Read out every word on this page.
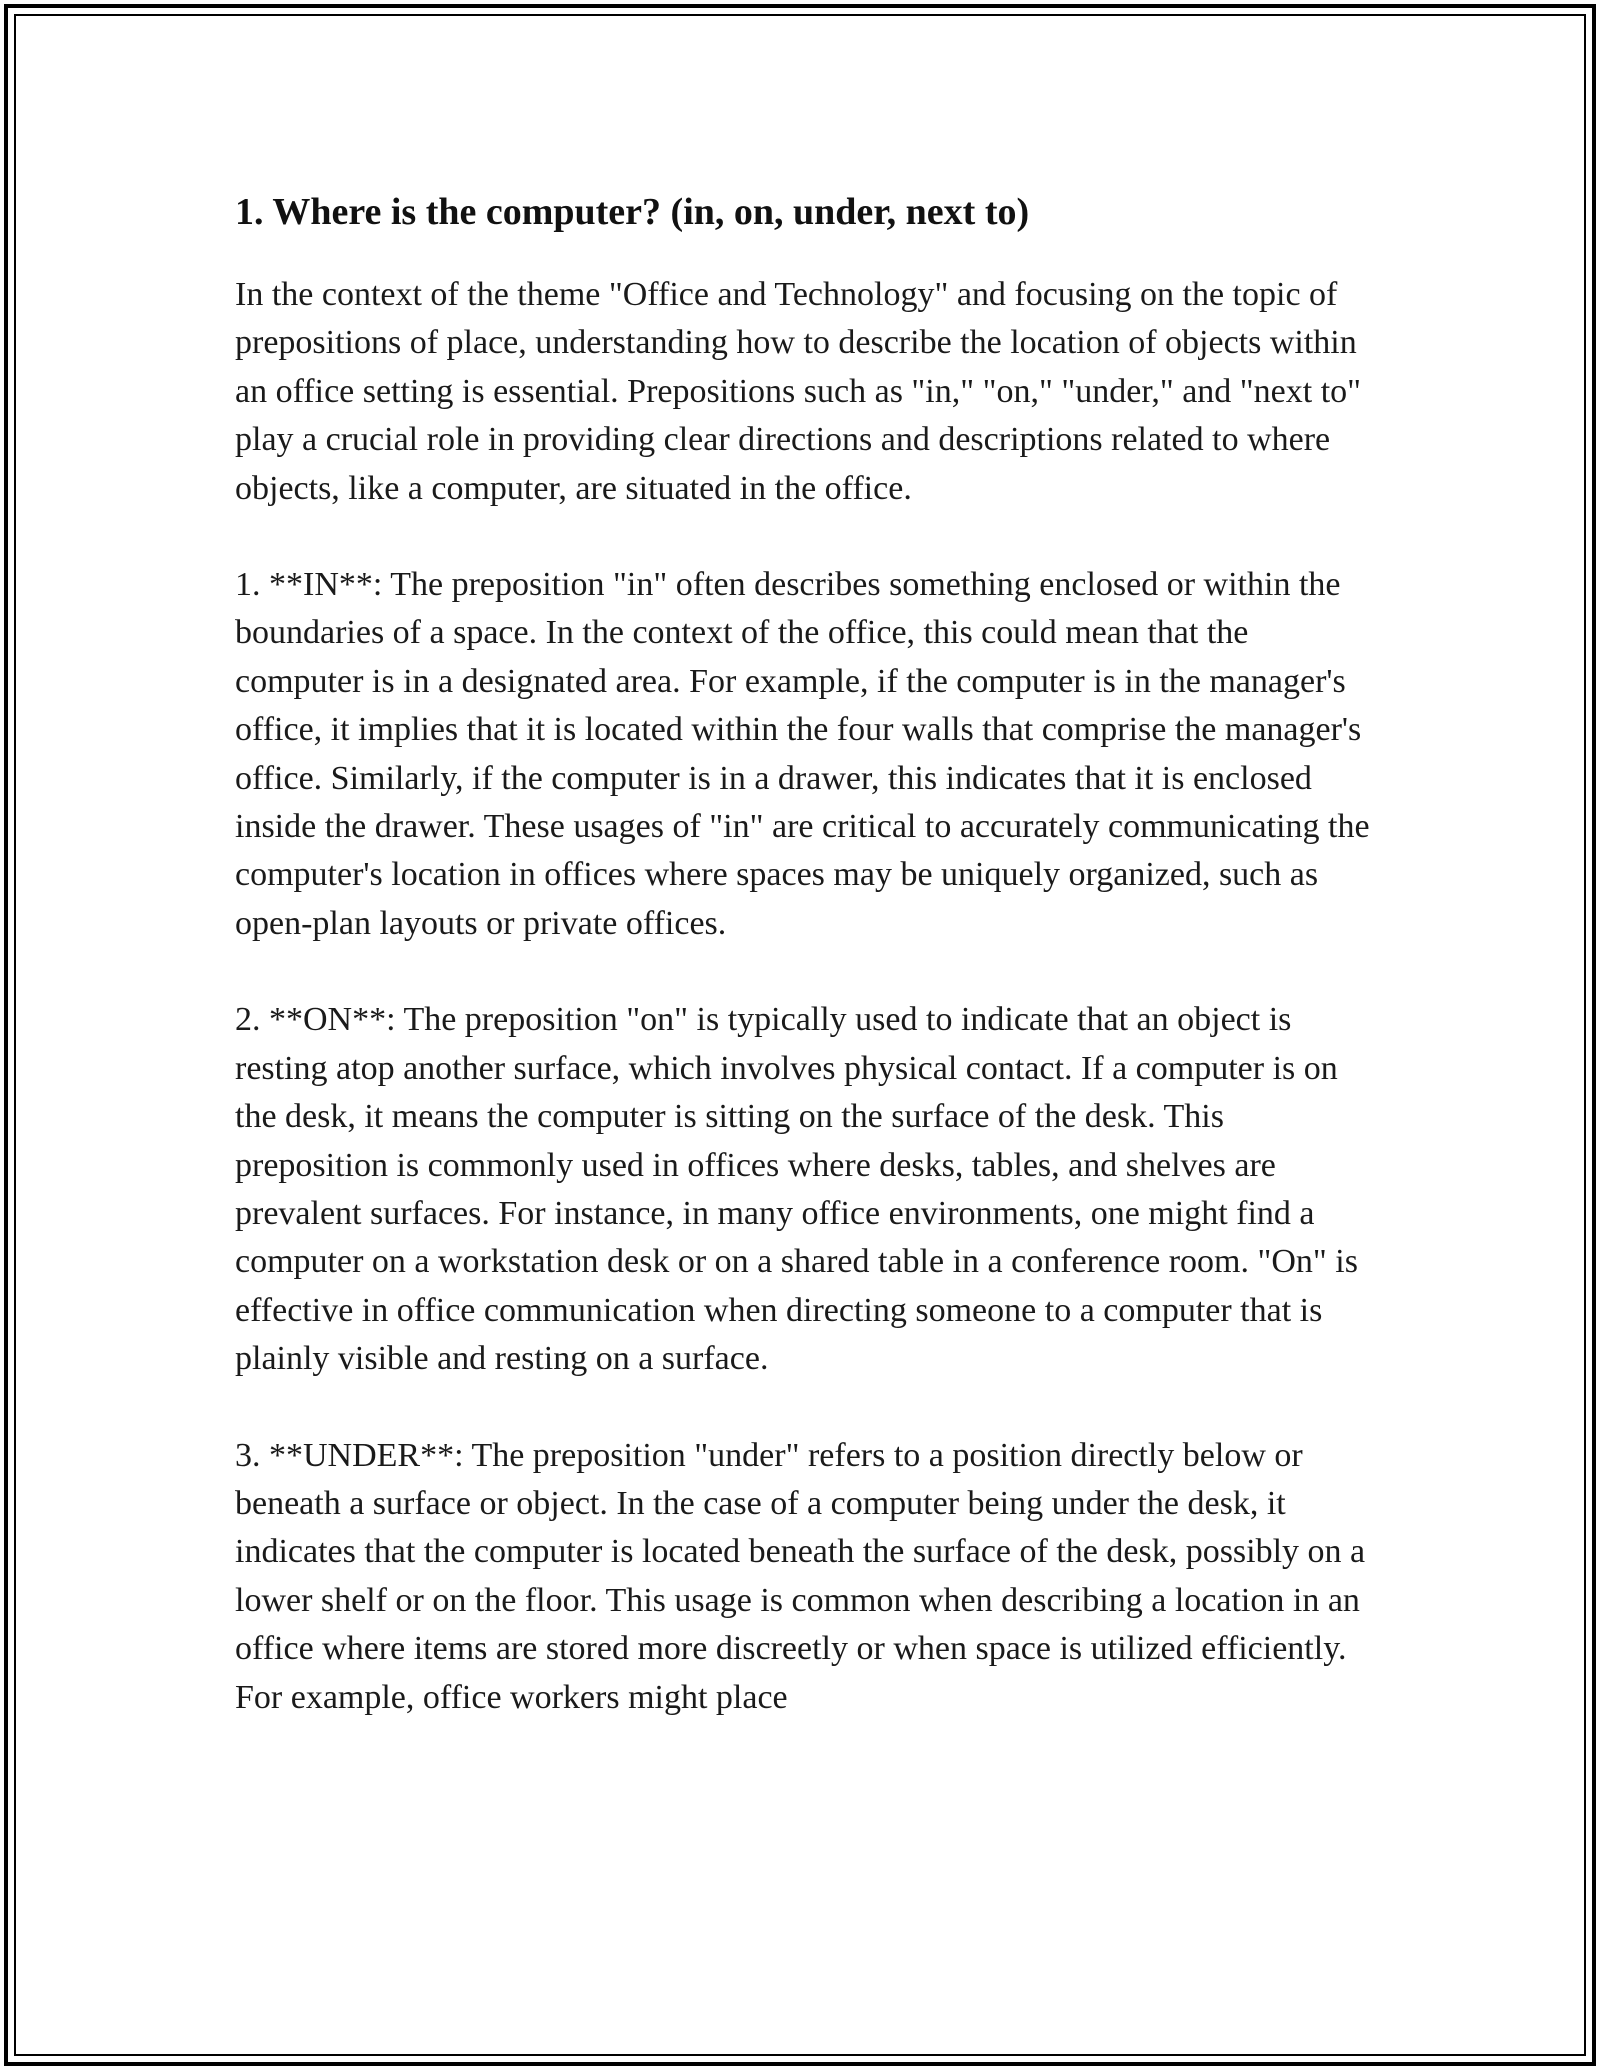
1. Where is the computer? (in, on, under, next to)

In the context of the theme "Office and Technology" and focusing on the topic of prepositions of place, understanding how to describe the location of objects within an office setting is essential. Prepositions such as "in," "on," "under," and "next to" play a crucial role in providing clear directions and descriptions related to where objects, like a computer, are situated in the office.

1. **IN**: The preposition "in" often describes something enclosed or within the boundaries of a space. In the context of the office, this could mean that the computer is in a designated area. For example, if the computer is in the manager's office, it implies that it is located within the four walls that comprise the manager's office. Similarly, if the computer is in a drawer, this indicates that it is enclosed inside the drawer. These usages of "in" are critical to accurately communicating the computer's location in offices where spaces may be uniquely organized, such as open-plan layouts or private offices.

2. **ON**: The preposition "on" is typically used to indicate that an object is resting atop another surface, which involves physical contact. If a computer is on the desk, it means the computer is sitting on the surface of the desk. This preposition is commonly used in offices where desks, tables, and shelves are prevalent surfaces. For instance, in many office environments, one might find a computer on a workstation desk or on a shared table in a conference room. "On" is effective in office communication when directing someone to a computer that is plainly visible and resting on a surface.

3. **UNDER**: The preposition "under" refers to a position directly below or beneath a surface or object. In the case of a computer being under the desk, it indicates that the computer is located beneath the surface of the desk, possibly on a lower shelf or on the floor. This usage is common when describing a location in an office where items are stored more discreetly or when space is utilized efficiently. For example, office workers might place
